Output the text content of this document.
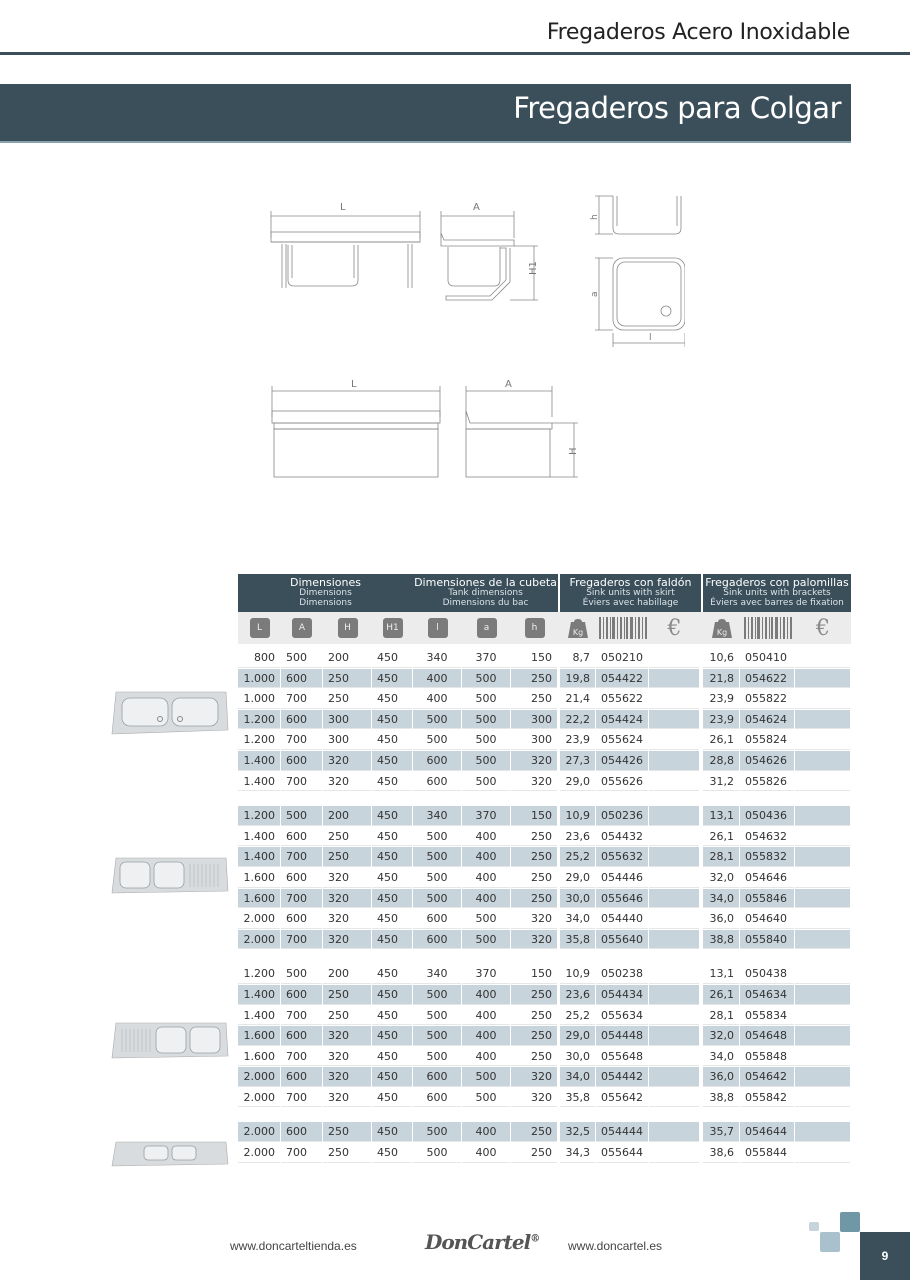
Fregaderos Acero Inoxidable
Fregaderos para Colgar
L
H1
A
h
a
l
L
H
A
Dimensiones
Dimensions
Dimensions
Dimensiones de la cubeta
Tank dimensions
Dimensions du bac
Fregaderos con faldón
Sink units with skirt
Éviers avec habillage
Fregaderos con palomillas
Sink units with brackets
Éviers avec barres de fixation
L	A	H	H1	l	a	h	Kg	€	Kg	€
800	500	200	450	340	370	150	8,7	050210	10,6	050410
1.000	600	250	450	400	500	250	19,8	054422	21,8	054622
1.000	700	250	450	400	500	250	21,4	055622	23,9	055822
1.200	600	300	450	500	500	300	22,2	054424	23,9	054624
1.200	700	300	450	500	500	300	23,9	055624	26,1	055824
1.400	600	320	450	600	500	320	27,3	054426	28,8	054626
1.400	700	320	450	600	500	320	29,0	055626	31,2	055826
1.200	500	200	450	340	370	150	10,9	050236	13,1	050436
1.400	600	250	450	500	400	250	23,6	054432	26,1	054632
1.400	700	250	450	500	400	250	25,2	055632	28,1	055832
1.600	600	320	450	500	400	250	29,0	054446	32,0	054646
1.600	700	320	450	500	400	250	30,0	055646	34,0	055846
2.000	600	320	450	600	500	320	34,0	054440	36,0	054640
2.000	700	320	450	600	500	320	35,8	055640	38,8	055840
1.200	500	200	450	340	370	150	10,9	050238	13,1	050438
1.400	600	250	450	500	400	250	23,6	054434	26,1	054634
1.400	700	250	450	500	400	250	25,2	055634	28,1	055834
1.600	600	320	450	500	400	250	29,0	054448	32,0	054648
1.600	700	320	450	500	400	250	30,0	055648	34,0	055848
2.000	600	320	450	600	500	320	34,0	054442	36,0	054642
2.000	700	320	450	600	500	320	35,8	055642	38,8	055842
2.000	600	250	450	500	400	250	32,5	054444	35,7	054644
2.000	700	250	450	500	400	250	34,3	055644	38,6	055844
www.doncarteltienda.es	DonCartel®
www.doncartel.es
9
